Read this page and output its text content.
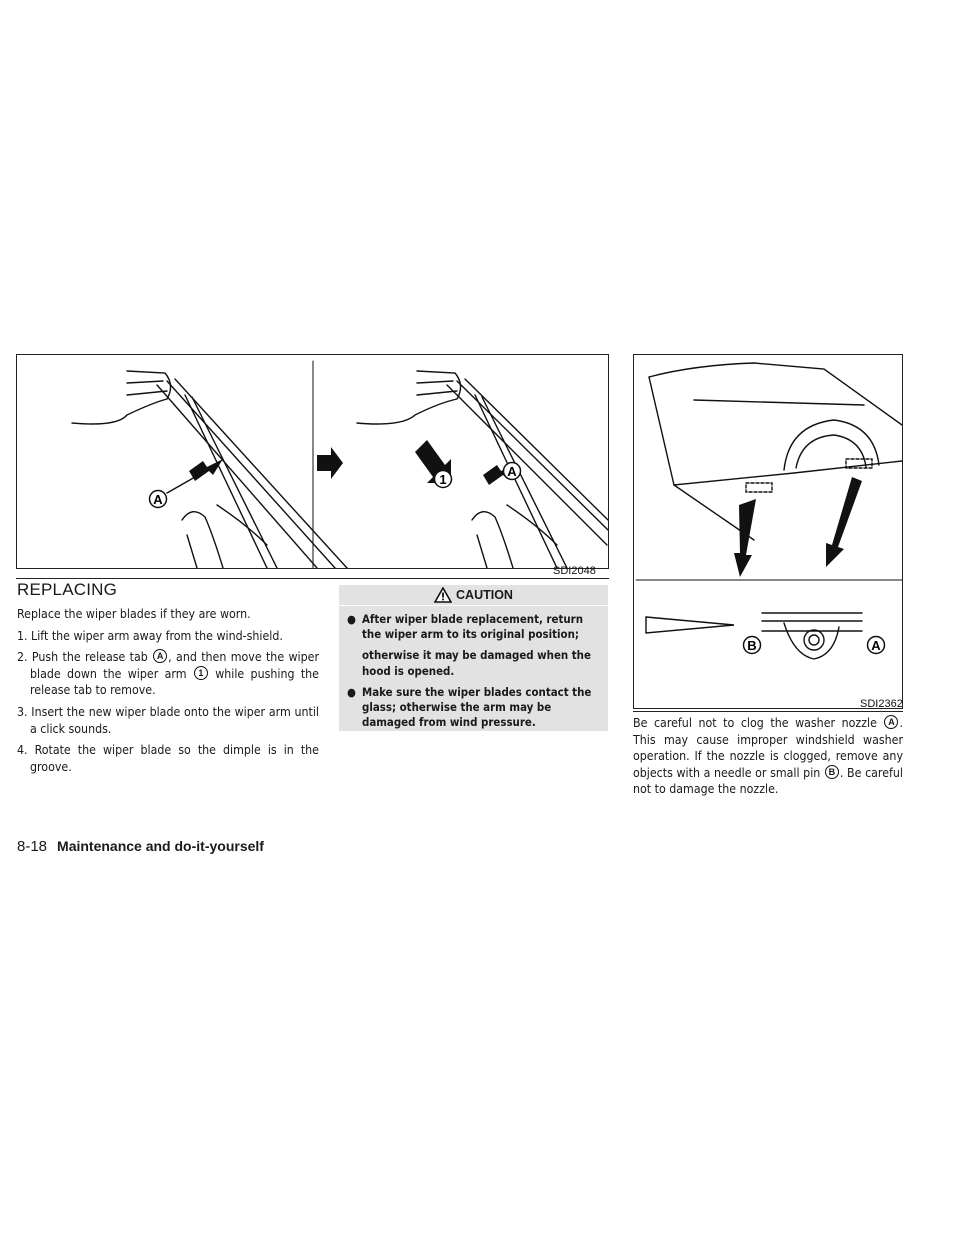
A
A
1
SDI2048
B	A
SDI2362
REPLACING

Replace the wiper blades if they are worn.

1. Lift the wiper arm away from the wind-shield.

2. Push the release tab A , and then move the wiper blade down the wiper arm 1 while pushing the release tab to remove.

3. Insert the new wiper blade onto the wiper arm until a click sounds.

4. Rotate the wiper blade so the dimple is in the groove.

CAUTION
● After wiper blade replacement, return the wiper arm to its original position;
otherwise it may be damaged when the hood is opened.
● Make sure the wiper blades contact the glass; otherwise the arm may be damaged from wind pressure.	Be careful not to clog the washer nozzle A . This may cause improper windshield washer operation. If the nozzle is clogged, remove any objects with a needle or small pin B . Be careful not to damage the nozzle.
8-18 Maintenance and do-it-yourself
